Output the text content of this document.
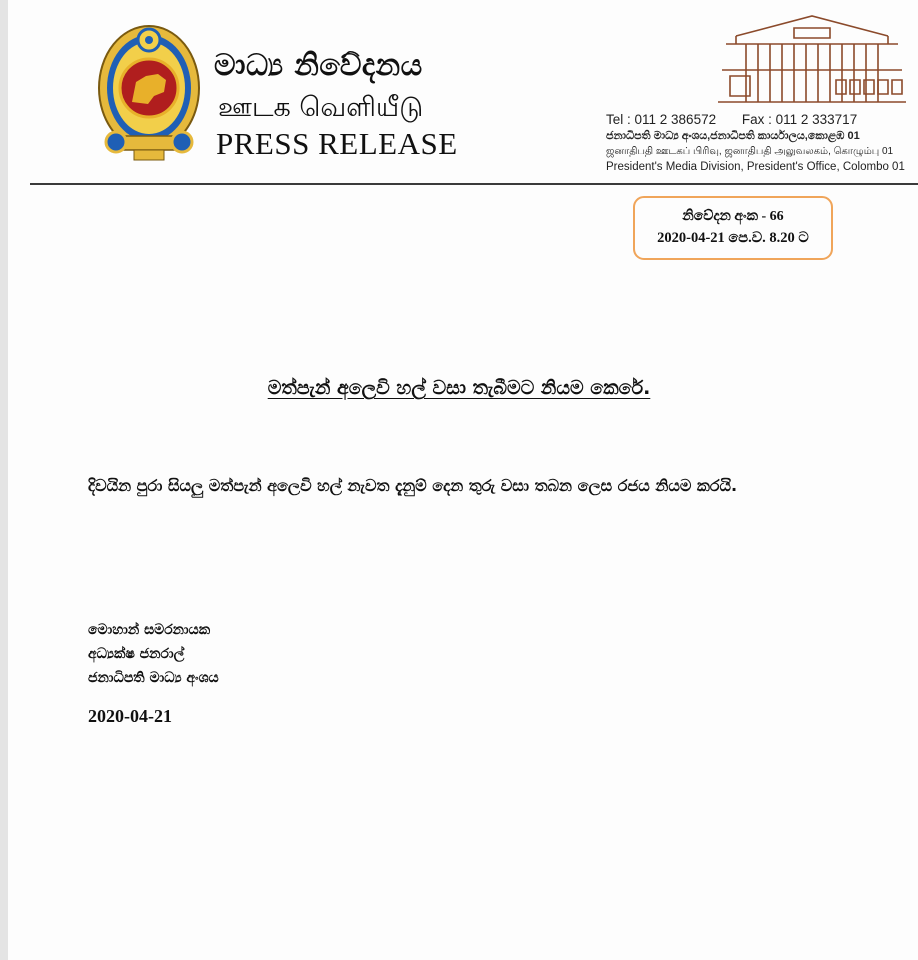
මාධ්‍ය නිවේදනය
ஊடக வெளியீடு
PRESS RELEASE
Tel : 011 2 386572 Fax : 011 2 333717
ජනාධිපති මාධ්‍ය අංශය,ජනාධිපති කාර්යාලය,කොළඹ 01
ஜனாதிபதி ஊடகப் பிரிவு, ஜனாதிபதி அலுவலகம், கொழும்பு 01
President's Media Division, President's Office, Colombo 01
නිවේදන අංක - 66
2020-04-21 පෙ.ව. 8.20 ට
මත්පැන් අලෙවි හල් වසා තැබීමට නියම කෙරේ.
දිවයින පුරා සියලු මත්පැන් අලෙවි හල් නැවත දැනුම් දෙන තුරු වසා තබන ලෙස රජය නියම කරයි.
මොහාන් සමරනායක
අධ්‍යක්ෂ ජනරාල්
ජනාධිපති මාධ්‍ය අංශය
2020-04-21
